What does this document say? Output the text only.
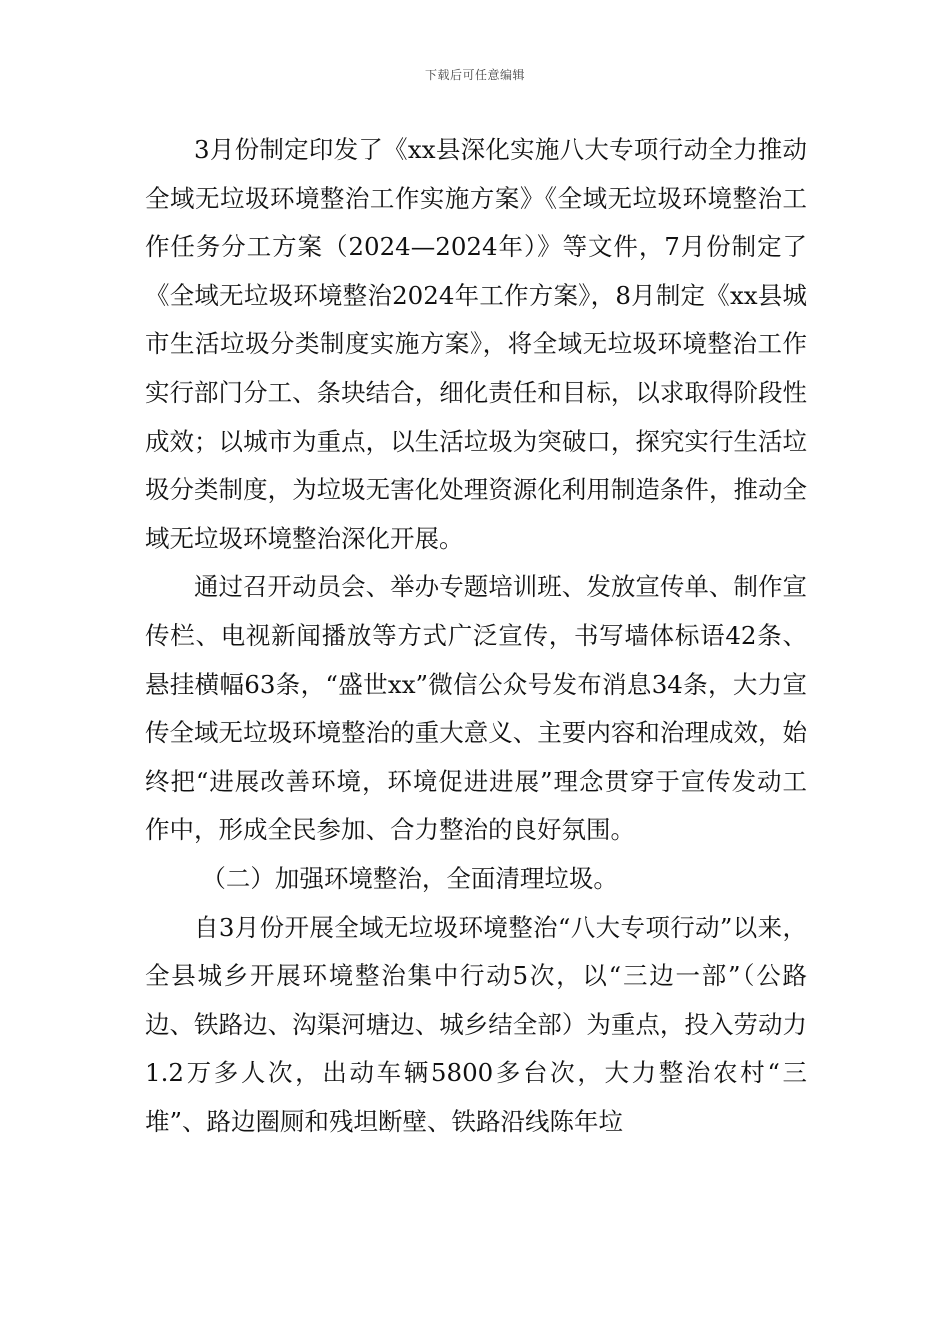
下载后可任意编辑

3月份制定印发了《xx县深化实施八大专项行动全力推动全域无垃圾环境整治工作实施方案》《全域无垃圾环境整治工作任务分工方案（2024—2024年）》等文件，7月份制定了《全域无垃圾环境整治2024年工作方案》，8月制定《xx县城市生活垃圾分类制度实施方案》，将全域无垃圾环境整治工作实行部门分工、条块结合，细化责任和目标，以求取得阶段性成效；以城市为重点，以生活垃圾为突破口，探究实行生活垃圾分类制度，为垃圾无害化处理资源化利用制造条件，推动全域无垃圾环境整治深化开展。

通过召开动员会、举办专题培训班、发放宣传单、制作宣传栏、电视新闻播放等方式广泛宣传，书写墙体标语42条、悬挂横幅63条，“盛世xx”微信公众号发布消息34条，大力宣传全域无垃圾环境整治的重大意义、主要内容和治理成效，始终把“进展改善环境，环境促进进展”理念贯穿于宣传发动工作中，形成全民参加、合力整治的良好氛围。

（二）加强环境整治，全面清理垃圾。

自3月份开展全域无垃圾环境整治“八大专项行动”以来，全县城乡开展环境整治集中行动5次，以“三边一部”（公路边、铁路边、沟渠河塘边、城乡结全部）为重点，投入劳动力1.2万多人次，出动车辆5800多台次，大力整治农村“三堆”、路边圈厕和残坦断壁、铁路沿线陈年垃
